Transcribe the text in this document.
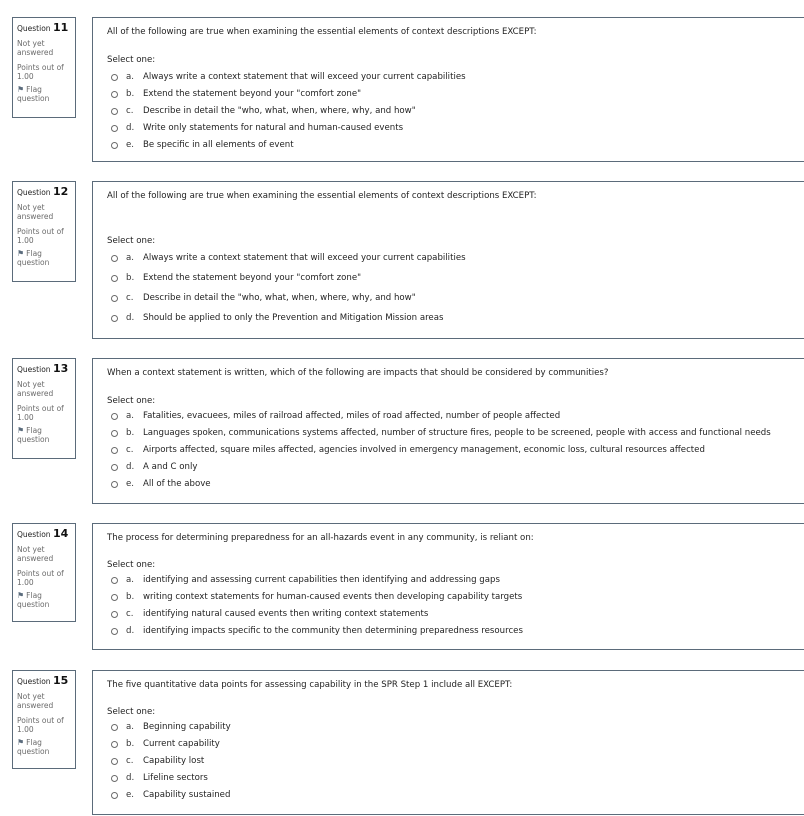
Question 11
Not yet answered
Points out of 1.00
⚑ Flag question
All of the following are true when examining the essential elements of context descriptions EXCEPT:
Select one:
a.	Always write a context statement that will exceed your current capabilities
b.	Extend the statement beyond your "comfort zone"
c.	Describe in detail the "who, what, when, where, why, and how"
d.	Write only statements for natural and human-caused events
e.	Be specific in all elements of event
Question 12
Not yet answered
Points out of 1.00
⚑ Flag question
All of the following are true when examining the essential elements of context descriptions EXCEPT:
Select one:
a.	Always write a context statement that will exceed your current capabilities
b.	Extend the statement beyond your "comfort zone"
c.	Describe in detail the "who, what, when, where, why, and how"
d.	Should be applied to only the Prevention and Mitigation Mission areas
Question 13
Not yet answered
Points out of 1.00
⚑ Flag question
When a context statement is written, which of the following are impacts that should be considered by communities?
Select one:
a.	Fatalities, evacuees, miles of railroad affected, miles of road affected, number of people affected
b.	Languages spoken, communications systems affected, number of structure fires, people to be screened, people with access and functional needs
c.	Airports affected, square miles affected, agencies involved in emergency management, economic loss, cultural resources affected
d.	A and C only
e.	All of the above
Question 14
Not yet answered
Points out of 1.00
⚑ Flag question
The process for determining preparedness for an all-hazards event in any community, is reliant on:
Select one:
a.	identifying and assessing current capabilities then identifying and addressing gaps
b.	writing context statements for human-caused events then developing capability targets
c.	identifying natural caused events then writing context statements
d.	identifying impacts specific to the community then determining preparedness resources
Question 15
Not yet answered
Points out of 1.00
⚑ Flag question
The five quantitative data points for assessing capability in the SPR Step 1 include all EXCEPT:
Select one:
a.	Beginning capability
b.	Current capability
c.	Capability lost
d.	Lifeline sectors
e.	Capability sustained
